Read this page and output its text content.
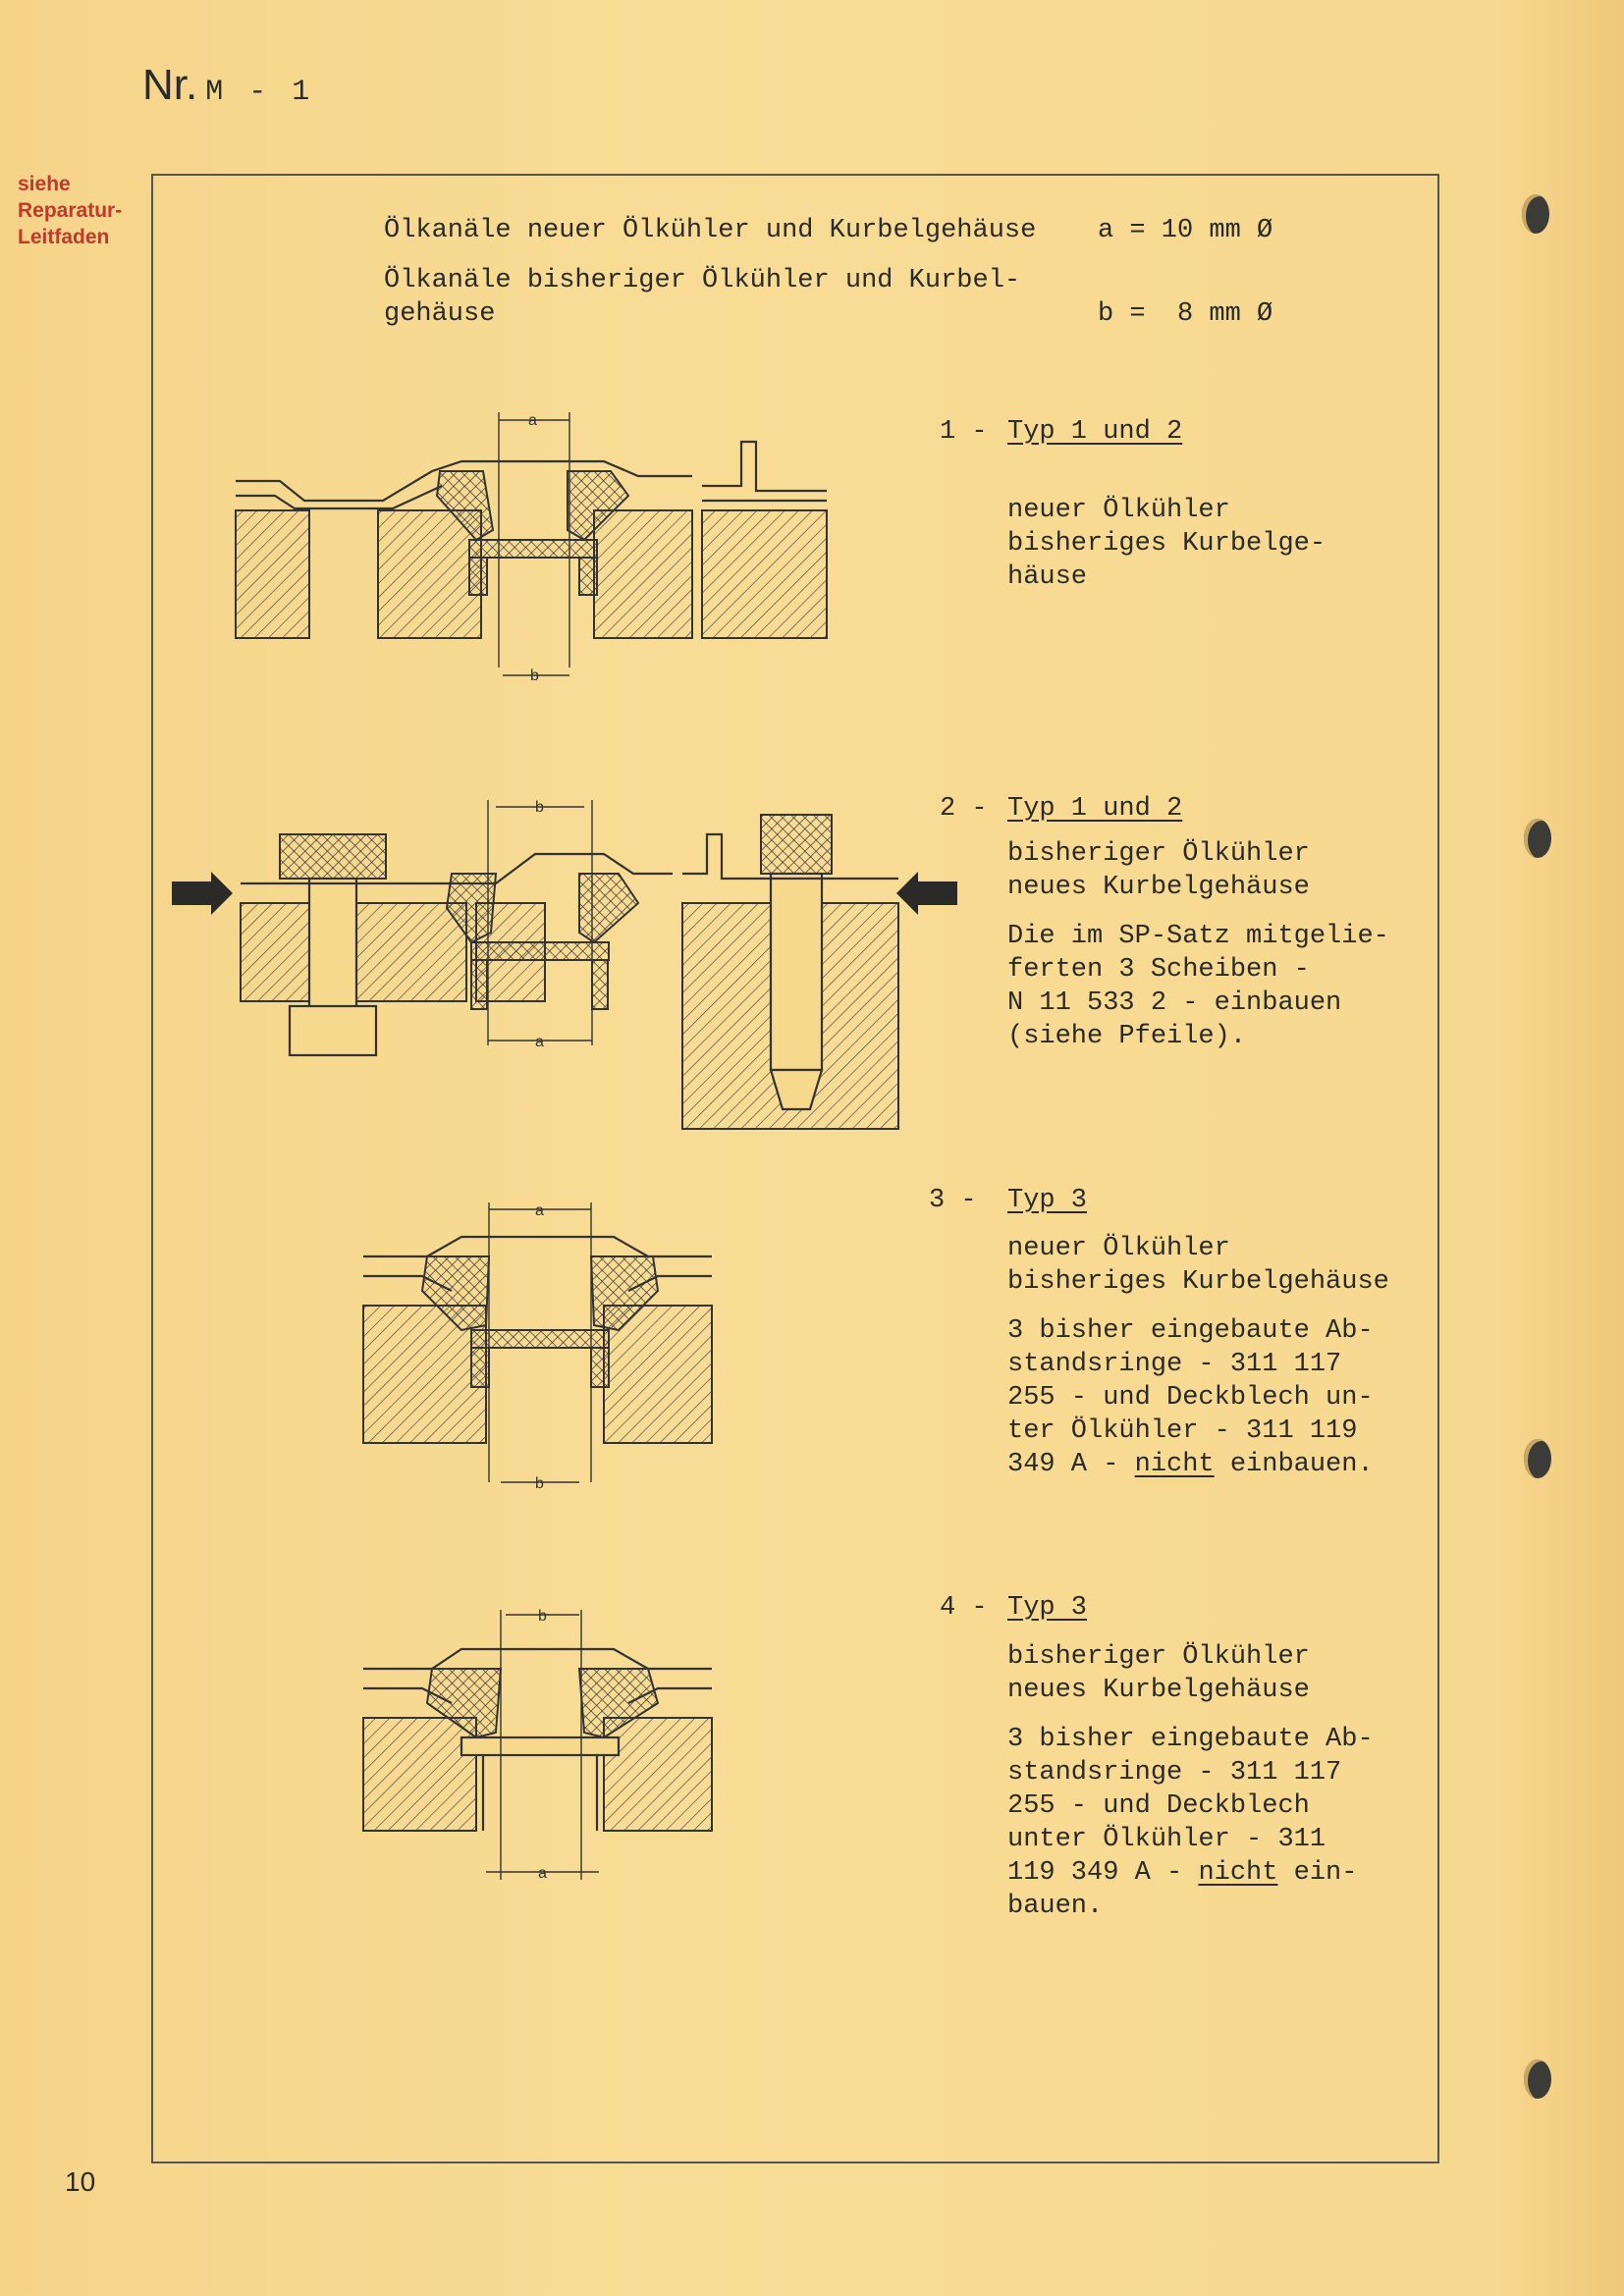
Nr. M - 1
siehe
Reparatur-
Leitfaden	Ölkanäle neuer Ölkühler und Kurbelgehäuse a = 10 mm Ø
Ölkanäle bisheriger Ölkühler und Kurbel-
gehäuse	b =  8 mm Ø
1 - Typ 1 und 2
neuer Ölkühler
bisheriges Kurbelge-
häuse
2 - Typ 1 und 2
bisheriger Ölkühler
neues Kurbelgehäuse
Die im SP-Satz mitgelie-
ferten 3 Scheiben -
N 11 533 2 - einbauen
(siehe Pfeile).
3 - Typ 3
neuer Ölkühler
bisheriges Kurbelgehäuse
3 bisher eingebaute Ab-
standsringe - 311 117
255 - und Deckblech un-
ter Ölkühler - 311 119
349 A - nicht einbauen.
4 - Typ 3
bisheriger Ölkühler
neues Kurbelgehäuse
3 bisher eingebaute Ab-
standsringe - 311 117
255 - und Deckblech
unter Ölkühler - 311
119 349 A - nicht ein-
bauen.
a
b
b
a
a
b
b
a
10
